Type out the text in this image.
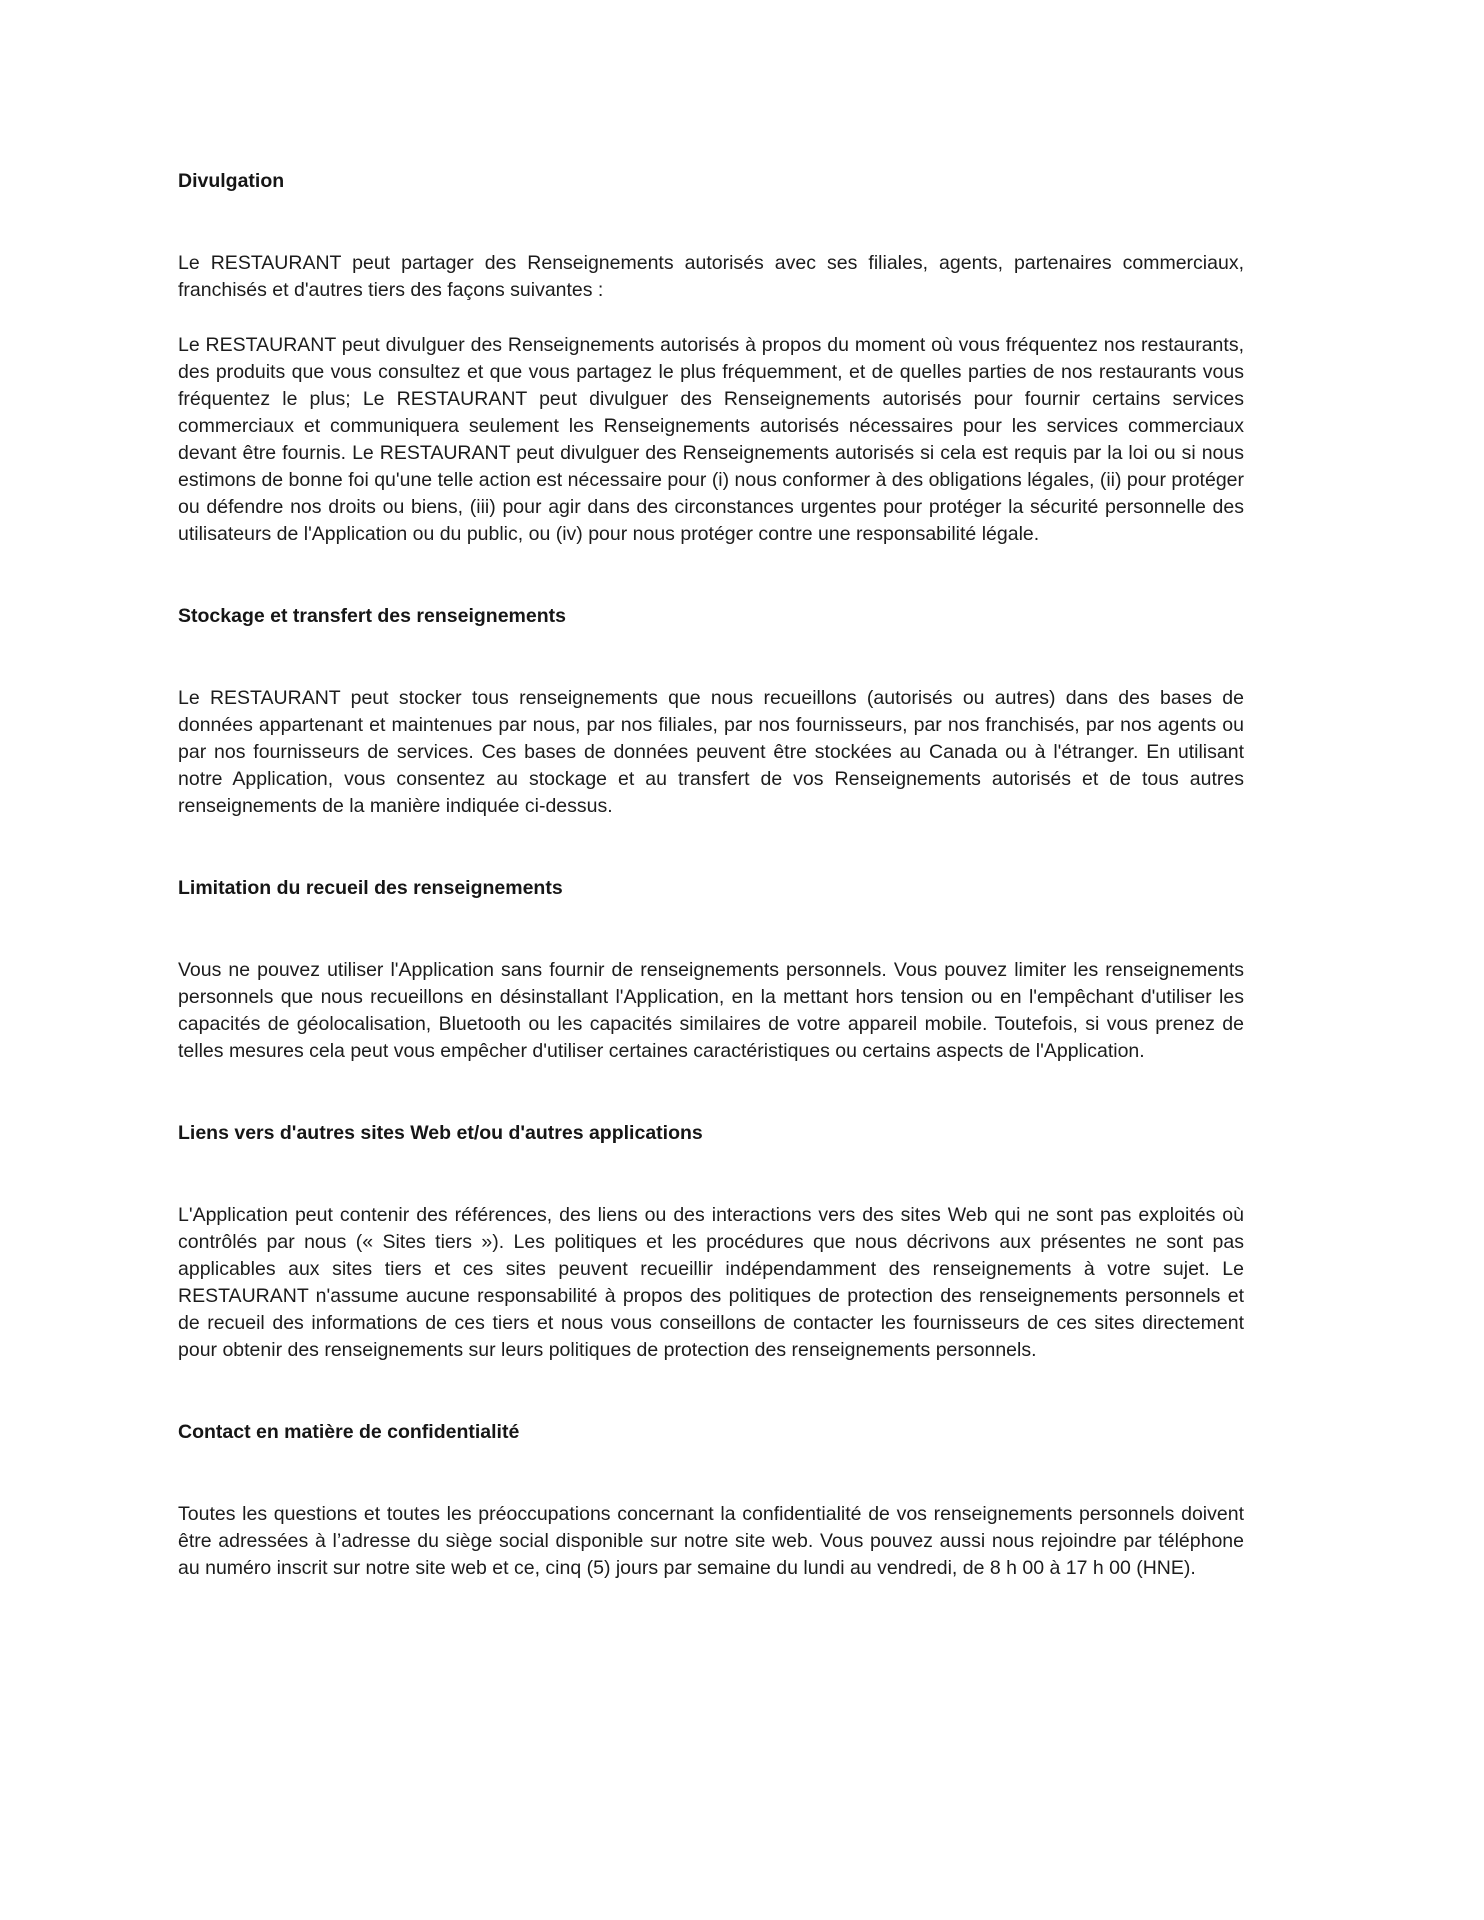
Divulgation

Le RESTAURANT peut partager des Renseignements autorisés avec ses filiales, agents, partenaires commerciaux, franchisés et d'autres tiers des façons suivantes :

Le RESTAURANT peut divulguer des Renseignements autorisés à propos du moment où vous fréquentez nos restaurants, des produits que vous consultez et que vous partagez le plus fréquemment, et de quelles parties de nos restaurants vous fréquentez le plus; Le RESTAURANT peut divulguer des Renseignements autorisés pour fournir certains services commerciaux et communiquera seulement les Renseignements autorisés nécessaires pour les services commerciaux devant être fournis. Le RESTAURANT peut divulguer des Renseignements autorisés si cela est requis par la loi ou si nous estimons de bonne foi qu'une telle action est nécessaire pour (i) nous conformer à des obligations légales, (ii) pour protéger ou défendre nos droits ou biens, (iii) pour agir dans des circonstances urgentes pour protéger la sécurité personnelle des utilisateurs de l'Application ou du public, ou (iv) pour nous protéger contre une responsabilité légale.

Stockage et transfert des renseignements

Le RESTAURANT peut stocker tous renseignements que nous recueillons (autorisés ou autres) dans des bases de données appartenant et maintenues par nous, par nos filiales, par nos fournisseurs, par nos franchisés, par nos agents ou par nos fournisseurs de services. Ces bases de données peuvent être stockées au Canada ou à l'étranger. En utilisant notre Application, vous consentez au stockage et au transfert de vos Renseignements autorisés et de tous autres renseignements de la manière indiquée ci-dessus.

Limitation du recueil des renseignements

Vous ne pouvez utiliser l'Application sans fournir de renseignements personnels. Vous pouvez limiter les renseignements personnels que nous recueillons en désinstallant l'Application, en la mettant hors tension ou en l'empêchant d'utiliser les capacités de géolocalisation, Bluetooth ou les capacités similaires de votre appareil mobile. Toutefois, si vous prenez de telles mesures cela peut vous empêcher d'utiliser certaines caractéristiques ou certains aspects de l'Application.

Liens vers d'autres sites Web et/ou d'autres applications

L'Application peut contenir des références, des liens ou des interactions vers des sites Web qui ne sont pas exploités où contrôlés par nous (« Sites tiers »). Les politiques et les procédures que nous décrivons aux présentes ne sont pas applicables aux sites tiers et ces sites peuvent recueillir indépendamment des renseignements à votre sujet. Le RESTAURANT n'assume aucune responsabilité à propos des politiques de protection des renseignements personnels et de recueil des informations de ces tiers et nous vous conseillons de contacter les fournisseurs de ces sites directement pour obtenir des renseignements sur leurs politiques de protection des renseignements personnels.

Contact en matière de confidentialité

Toutes les questions et toutes les préoccupations concernant la confidentialité de vos renseignements personnels doivent être adressées à l’adresse du siège social disponible sur notre site web. Vous pouvez aussi nous rejoindre par téléphone au numéro inscrit sur notre site web et ce, cinq (5) jours par semaine du lundi au vendredi, de 8 h 00 à 17 h 00 (HNE).
